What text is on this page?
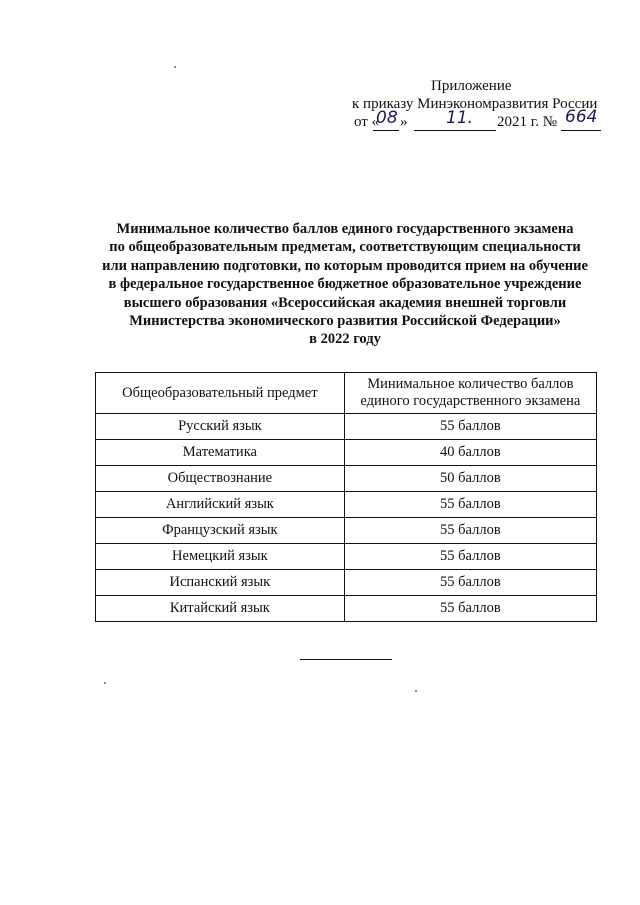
Приложение
к приказу Минэкономразвития России
от «
08 » 11. 2021 г. № 664
Минимальное количество баллов единого государственного экзамена
по общеобразовательным предметам, соответствующим специальности
или направлению подготовки, по которым проводится прием на обучение
в федеральное государственное бюджетное образовательное учреждение
высшего образования «Всероссийская академия внешней торговли
Министерства экономического развития Российской Федерации»
в 2022 году
Общеобразовательный предмет	Минимальное количество баллов
единого государственного экзамена

Русский язык	55 баллов
Математика	40 баллов
Обществознание	50 баллов
Английский язык	55 баллов
Французский язык	55 баллов
Немецкий язык	55 баллов
Испанский язык	55 баллов
Китайский язык	55 баллов
